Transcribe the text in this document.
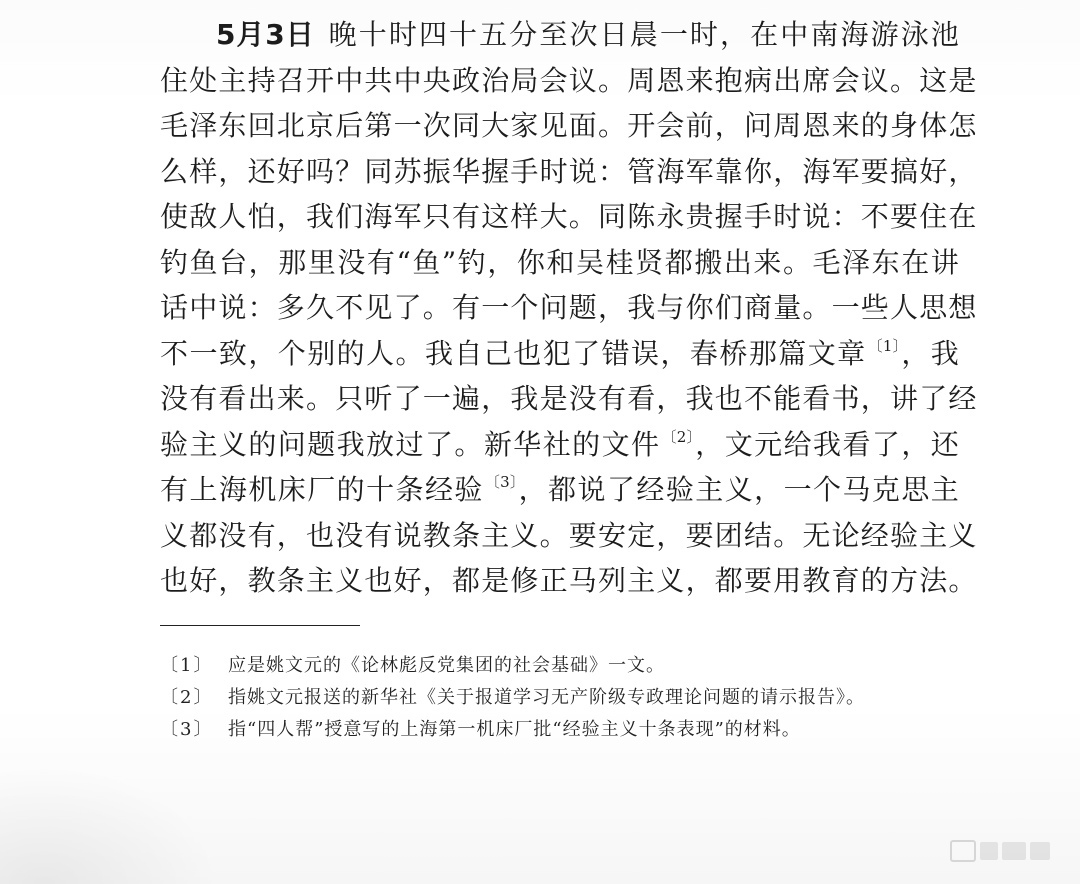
5月3日 晚十时四十五分至次日晨一时，在中南海游泳池
住处主持召开中共中央政治局会议。周恩来抱病出席会议。这是
毛泽东回北京后第一次同大家见面。开会前，问周恩来的身体怎
么样，还好吗？同苏振华握手时说：管海军靠你，海军要搞好，
使敌人怕，我们海军只有这样大。同陈永贵握手时说：不要住在
钓鱼台，那里没有“鱼”钓，你和吴桂贤都搬出来。毛泽东在讲
话中说：多久不见了。有一个问题，我与你们商量。一些人思想
不一致，个别的人。我自己也犯了错误，春桥那篇文章$^{〔1〕}$，我
没有看出来。只听了一遍，我是没有看，我也不能看书，讲了经
验主义的问题我放过了。新华社的文件$^{〔2〕}$，文元给我看了，还
有上海机床厂的十条经验$^{〔3〕}$，都说了经验主义，一个马克思主
义都没有，也没有说教条主义。要安定，要团结。无论经验主义
也好，教条主义也好，都是修正马列主义，都要用教育的方法。
〔1〕 应是姚文元的《论林彪反党集团的社会基础》一文。
〔2〕 指姚文元报送的新华社《关于报道学习无产阶级专政理论问题的请示报告》。
〔3〕 指“四人帮”授意写的上海第一机床厂批“经验主义十条表现”的材料。
